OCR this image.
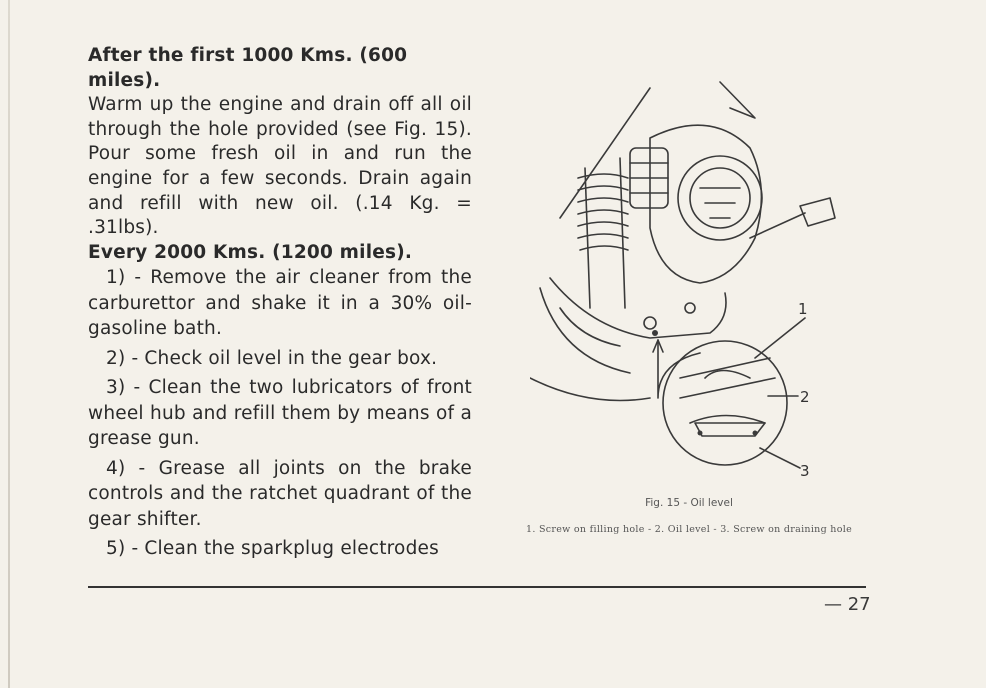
After the first 1000 Kms. (600 miles).

Warm up the engine and drain off all oil through the hole provided (see Fig. 15). Pour some fresh oil in and run the engine for a few seconds. Drain again and refill with new oil. (.14 Kg. = .31lbs).

Every 2000 Kms. (1200 miles).

1) - Remove the air cleaner from the carburettor and shake it in a 30% oil-gasoline bath.

2) - Check oil level in the gear box.

3) - Clean the two lubricators of front wheel hub and refill them by means of a grease gun.

4) - Grease all joints on the brake controls and the ratchet quadrant of the gear shifter.

5) - Clean the sparkplug electrodes

1
2
3
Fig. 15 - Oil level
1. Screw on filling hole - 2. Oil level - 3. Screw on draining hole
— 27
